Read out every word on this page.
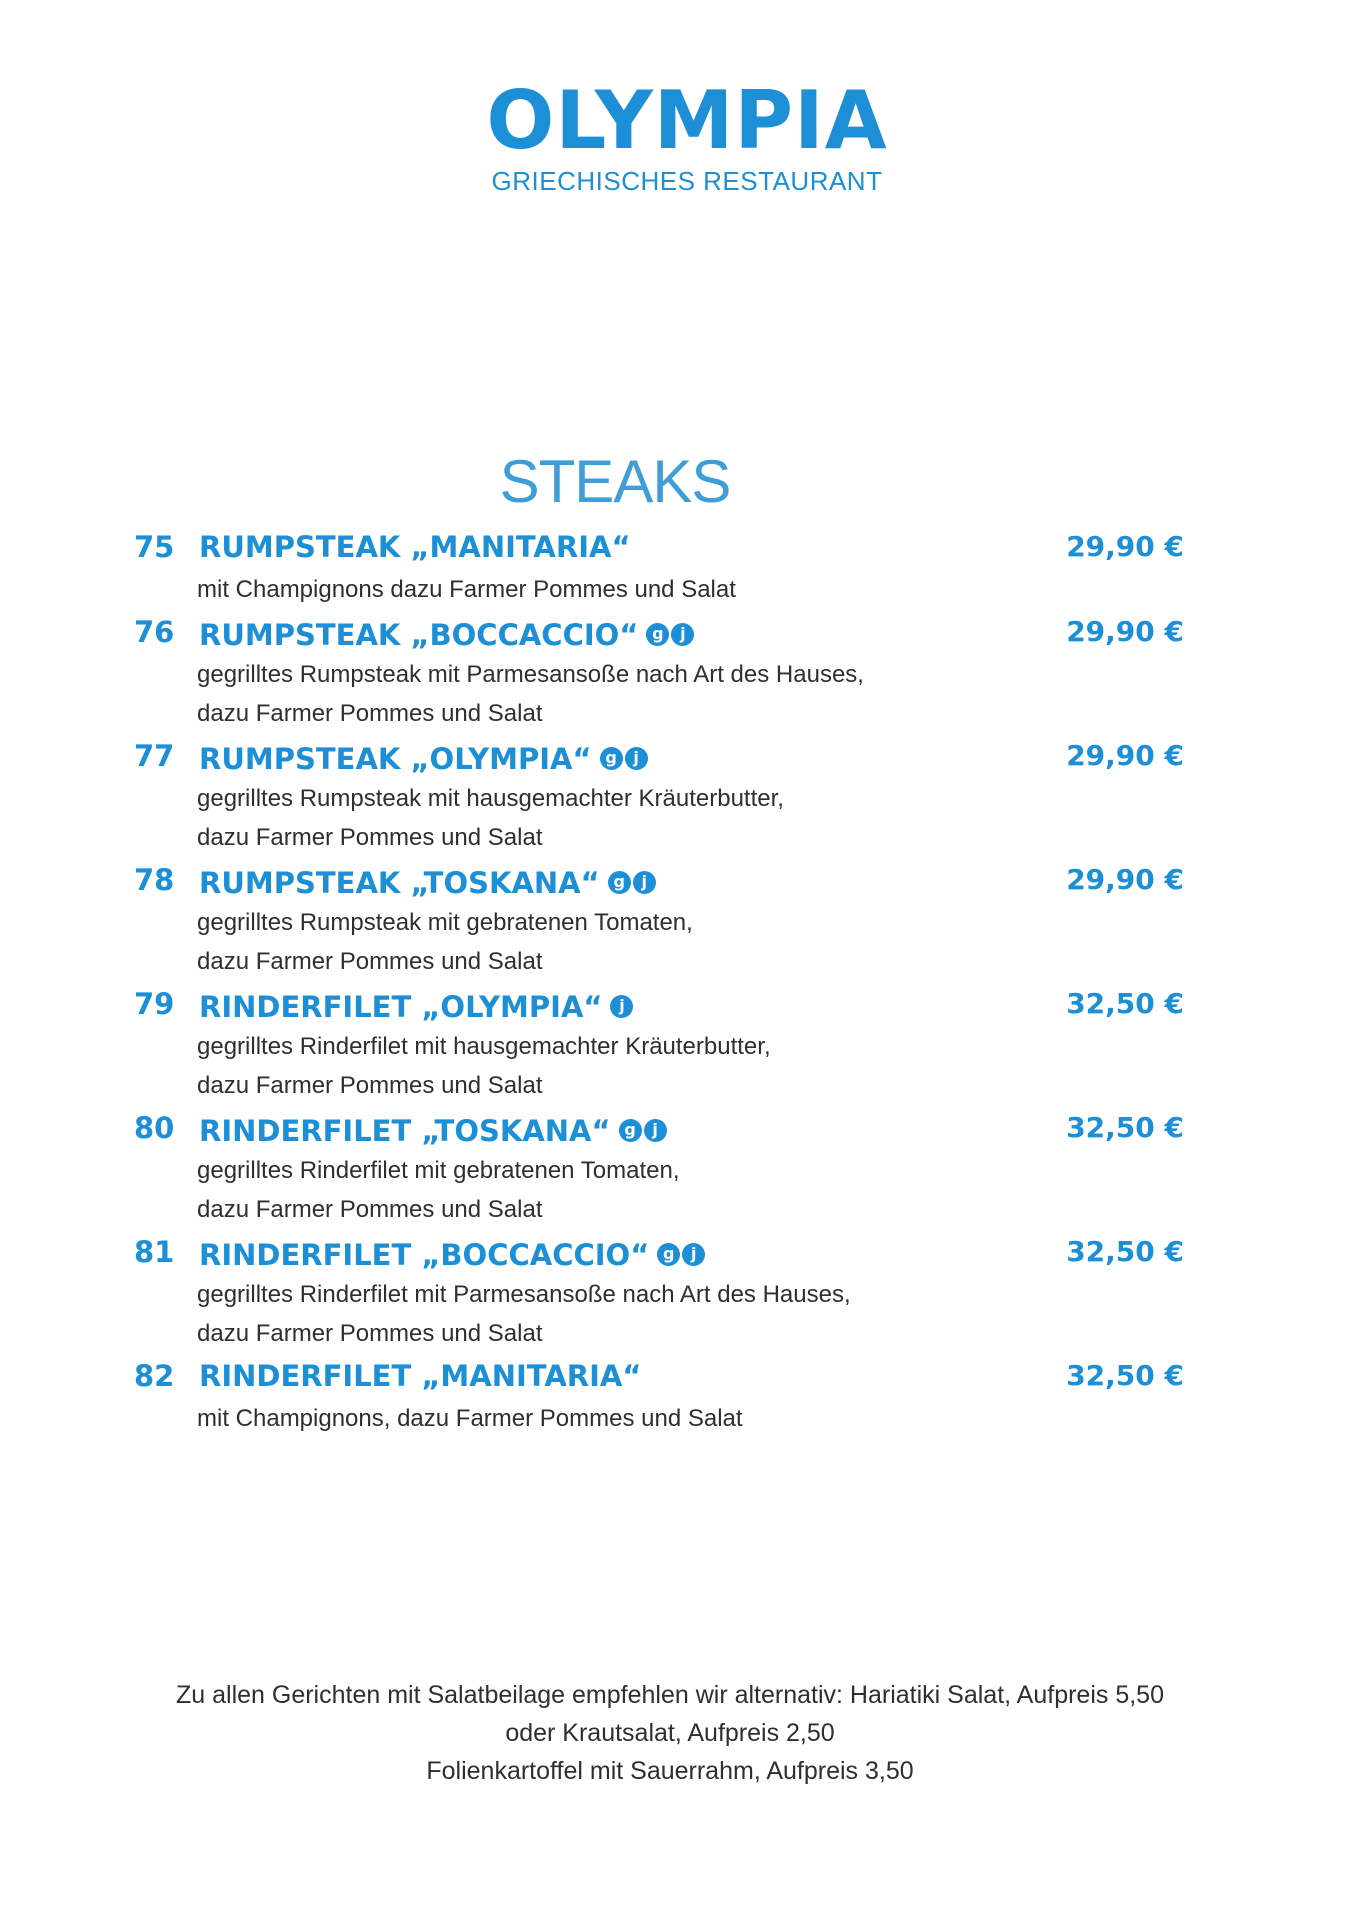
OLYMPIA
GRIECHISCHES RESTAURANT
STEAKS
75 RUMPSTEAK „MANITARIA“	29,90 €
mit Champignons dazu Farmer Pommes und Salat
76 RUMPSTEAK „BOCCACCIO“ g j	29,90 €
gegrilltes Rumpsteak mit Parmesansoße nach Art des Hauses,
dazu Farmer Pommes und Salat
77 RUMPSTEAK „OLYMPIA“ g j	29,90 €
gegrilltes Rumpsteak mit hausgemachter Kräuterbutter,
dazu Farmer Pommes und Salat
78 RUMPSTEAK „TOSKANA“ g j	29,90 €
gegrilltes Rumpsteak mit gebratenen Tomaten,
dazu Farmer Pommes und Salat
79 RINDERFILET „OLYMPIA“ j	32,50 €
gegrilltes Rinderfilet mit hausgemachter Kräuterbutter,
dazu Farmer Pommes und Salat
80 RINDERFILET „TOSKANA“ g j	32,50 €
gegrilltes Rinderfilet mit gebratenen Tomaten,
dazu Farmer Pommes und Salat
81 RINDERFILET „BOCCACCIO“ g j	32,50 €
gegrilltes Rinderfilet mit Parmesansoße nach Art des Hauses,
dazu Farmer Pommes und Salat
82 RINDERFILET „MANITARIA“	32,50 €
mit Champignons, dazu Farmer Pommes und Salat
Zu allen Gerichten mit Salatbeilage empfehlen wir alternativ: Hariatiki Salat, Aufpreis 5,50
oder Krautsalat, Aufpreis 2,50
Folienkartoffel mit Sauerrahm, Aufpreis 3,50
